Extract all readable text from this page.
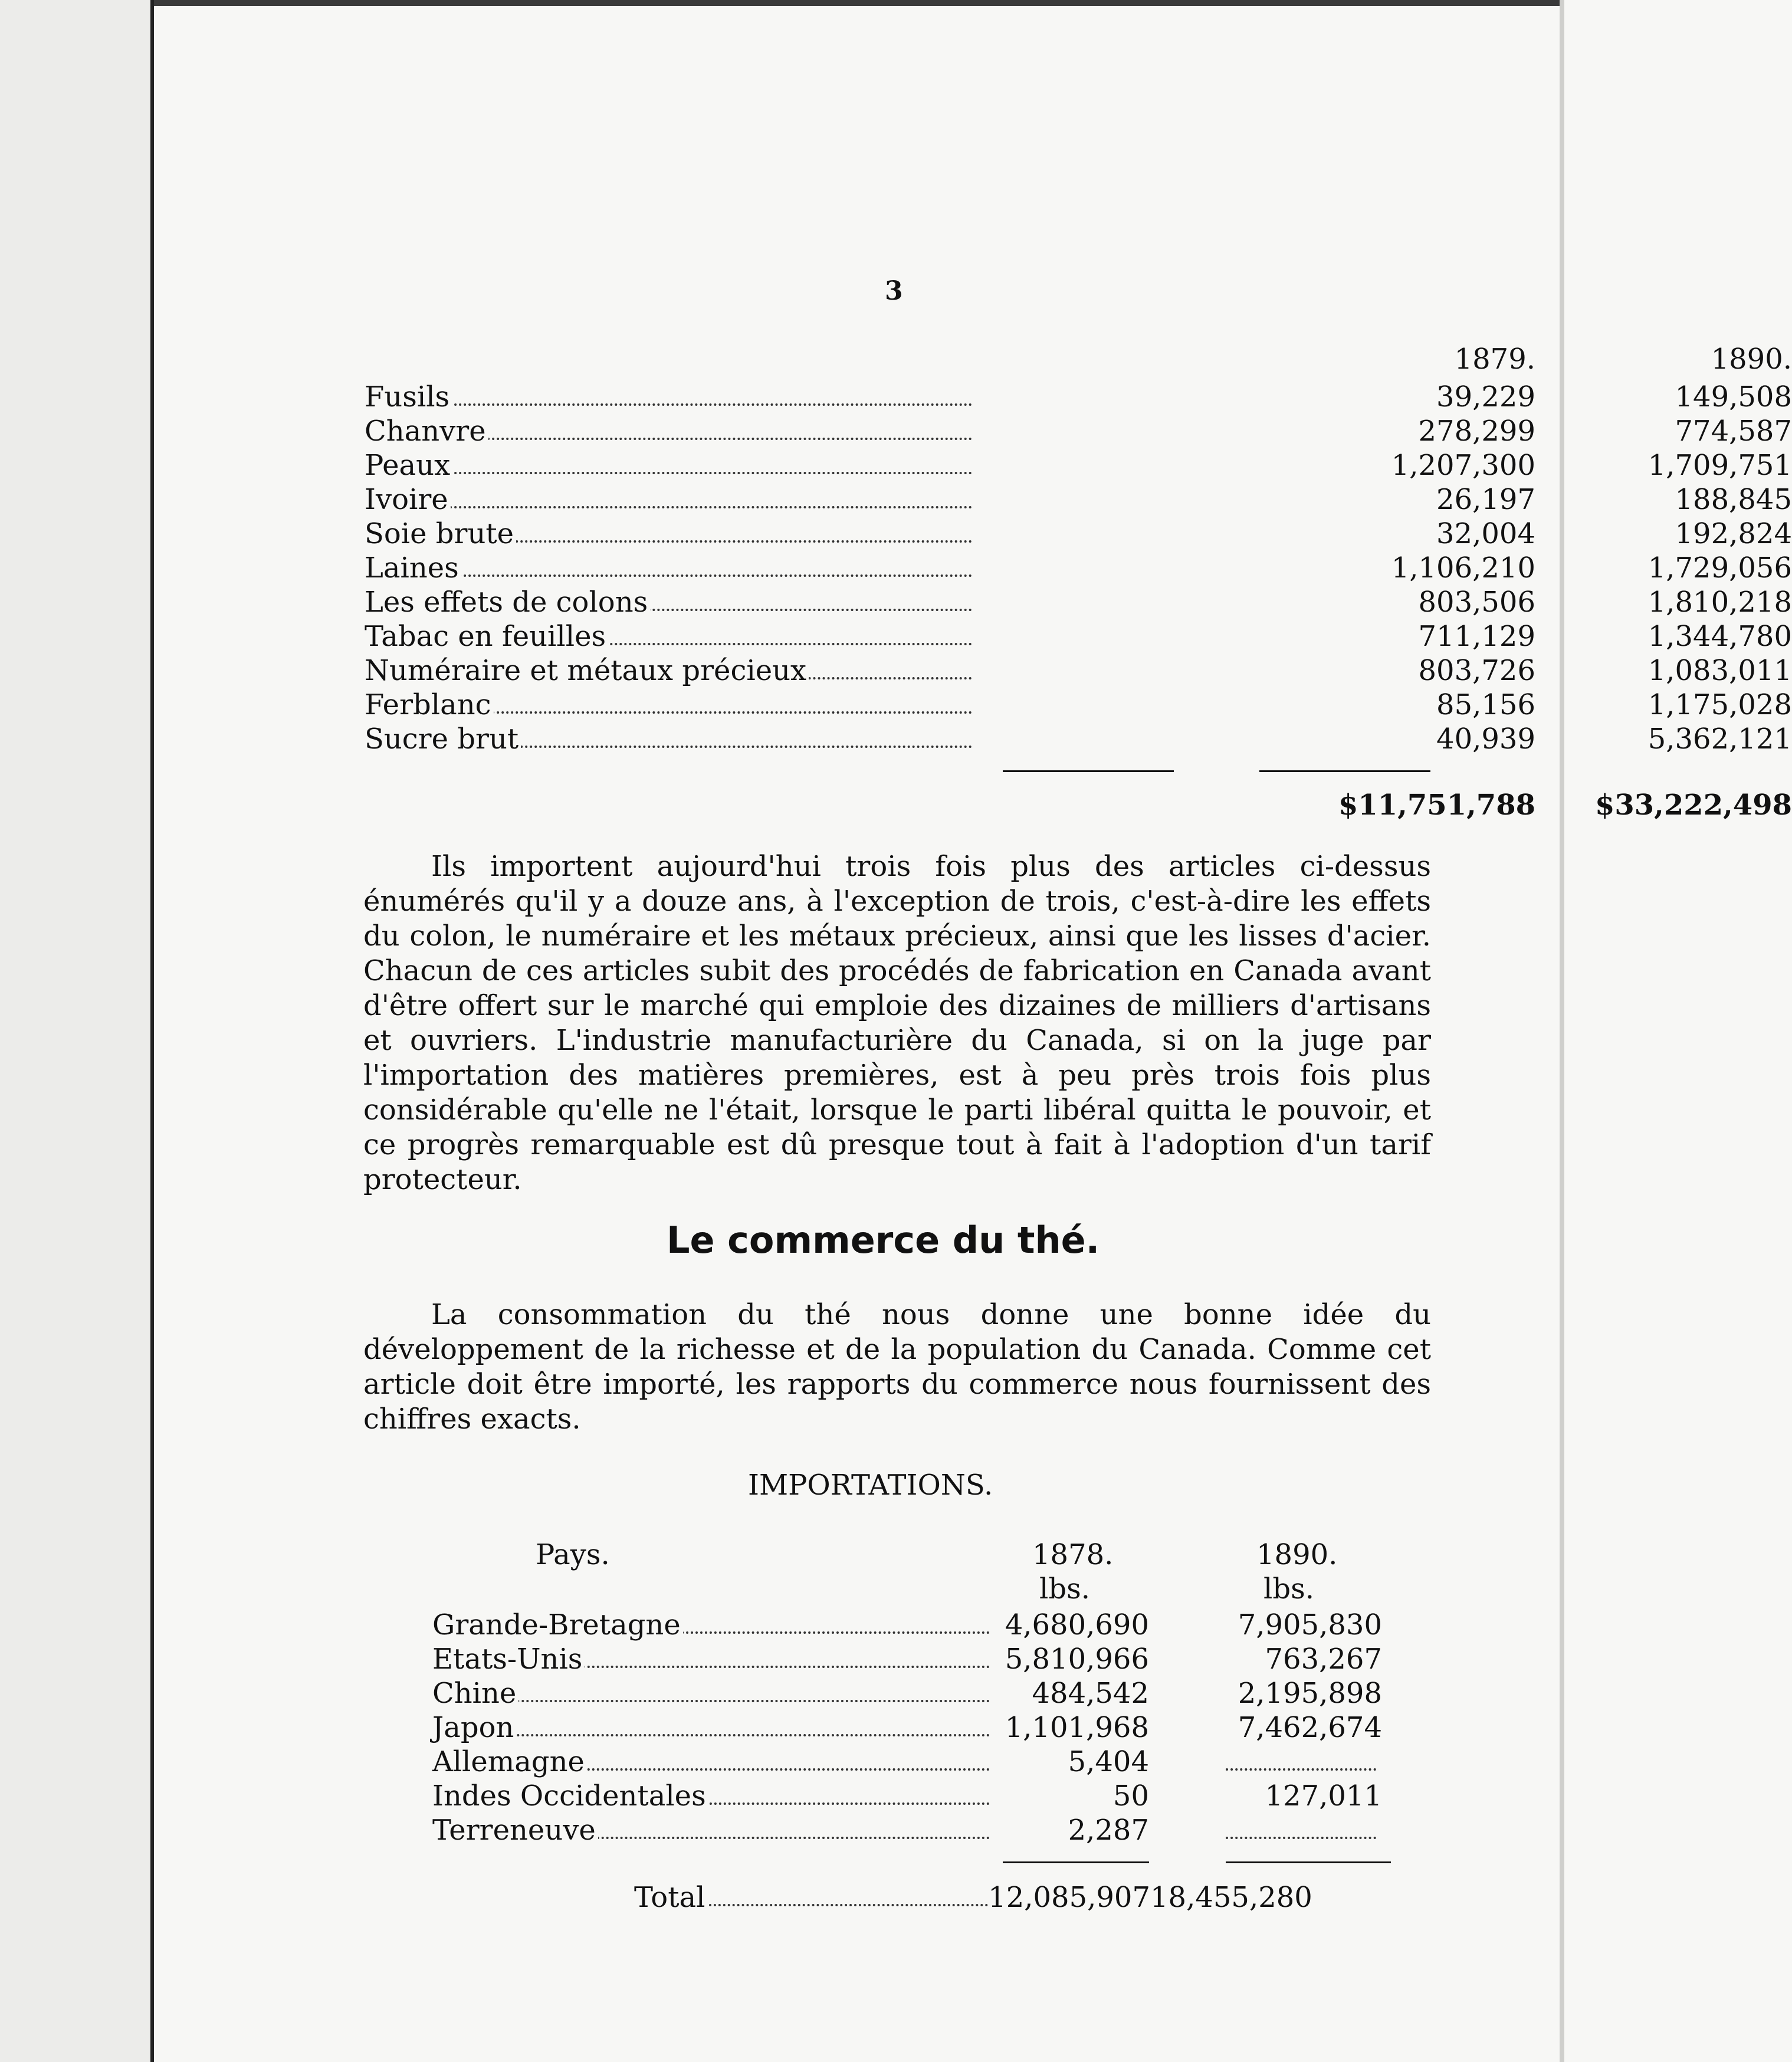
3
1879.	1890.
Fusils	39,229	149,508
Chanvre	278,299	774,587
Peaux	1,207,300	1,709,751
Ivoire	26,197	188,845
Soie brute	32,004	192,824
Laines	1,106,210	1,729,056
Les effets de colons	803,506	1,810,218
Tabac en feuilles	711,129	1,344,780
Numéraire et métaux précieux	803,726	1,083,011
Ferblanc	85,156	1,175,028
Sucre brut	40,939	5,362,121
$11,751,788	$33,222,498

Ils importent aujourd'hui trois fois plus des articles ci-dessus énumérés qu'il y a douze ans, à l'exception de trois, c'est-à-dire les effets du colon, le numéraire et les métaux précieux, ainsi que les lisses d'acier. Chacun de ces articles subit des procédés de fabrication en Canada avant d'être offert sur le marché qui emploie des dizaines de milliers d'artisans et ouvriers. L'industrie manufacturière du Canada, si on la juge par l'importation des matières premières, est à peu près trois fois plus considérable qu'elle ne l'était, lorsque le parti libéral quitta le pouvoir, et ce progrès remarquable est dû presque tout à fait à l'adoption d'un tarif protecteur.

Le commerce du thé.

La consommation du thé nous donne une bonne idée du développement de la richesse et de la population du Canada. Comme cet article doit être importé, les rapports du commerce nous fournissent des chiffres exacts.

IMPORTATIONS.
Pays.	1878.	1890.
lbs.	lbs.
Grande-Bretagne	4,680,690	7,905,830
Etats-Unis	5,810,966	763,267
Chine	484,542	2,195,898
Japon	1,101,968	7,462,674
Allemagne	5,404
Indes Occidentales	50	127,011
Terreneuve	2,287
Total	12,085,907 18,455,280
